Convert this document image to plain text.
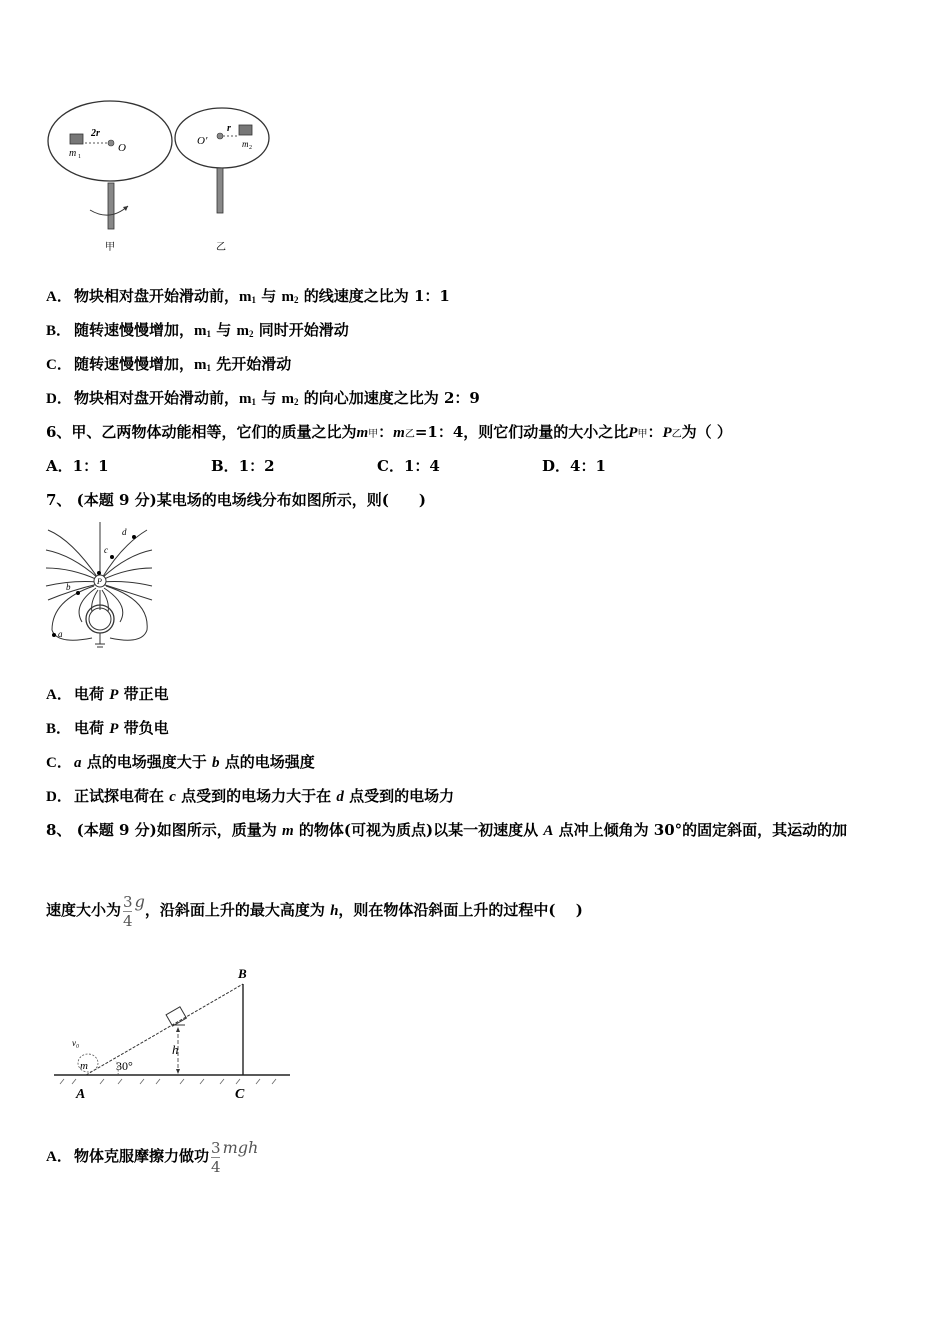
2r
O
m 1
O′
r
m 2
甲	乙
A． 物块相对盘开始滑动前，$m_1$ 与 $m_2$ 的线速度之比为 1：1
B． 随转速慢慢增加，$m_1$ 与 $m_2$ 同时开始滑动
C． 随转速慢慢增加，$m_1$ 先开始滑动
D． 物块相对盘开始滑动前，$m_1$ 与 $m_2$ 的向心加速度之比为 2：9
6、甲、乙两物体动能相等，它们的质量之比为m甲：m乙=1：4，则它们动量的大小之比P甲：P乙为（ ）
A．1：1	B．1：2	C．1：4	D．4：1
7、 (本题 9 分)某电场的电场线分布如图所示，则(　　)
P
b
c
d
a
A． 电荷 P 带正电
B． 电荷 P 带负电
C． a 点的电场强度大于 b 点的电场强度
D． 正试探电荷在 c 点受到的电场力大于在 d 点受到的电场力
8、 (本题 9 分)如图所示，质量为 m 的物体(可视为质点)以某一初速度从 A 点冲上倾角为 30°的固定斜面，其运动的加
速度大小为 $\frac{3}{4}$ g，沿斜面上升的最大高度为 h，则在物体沿斜面上升的过程中(　 )
v₀
m 30°
h
B
A	C
A． 物体克服摩擦力做功 $\frac{3}{4}$ mgh
